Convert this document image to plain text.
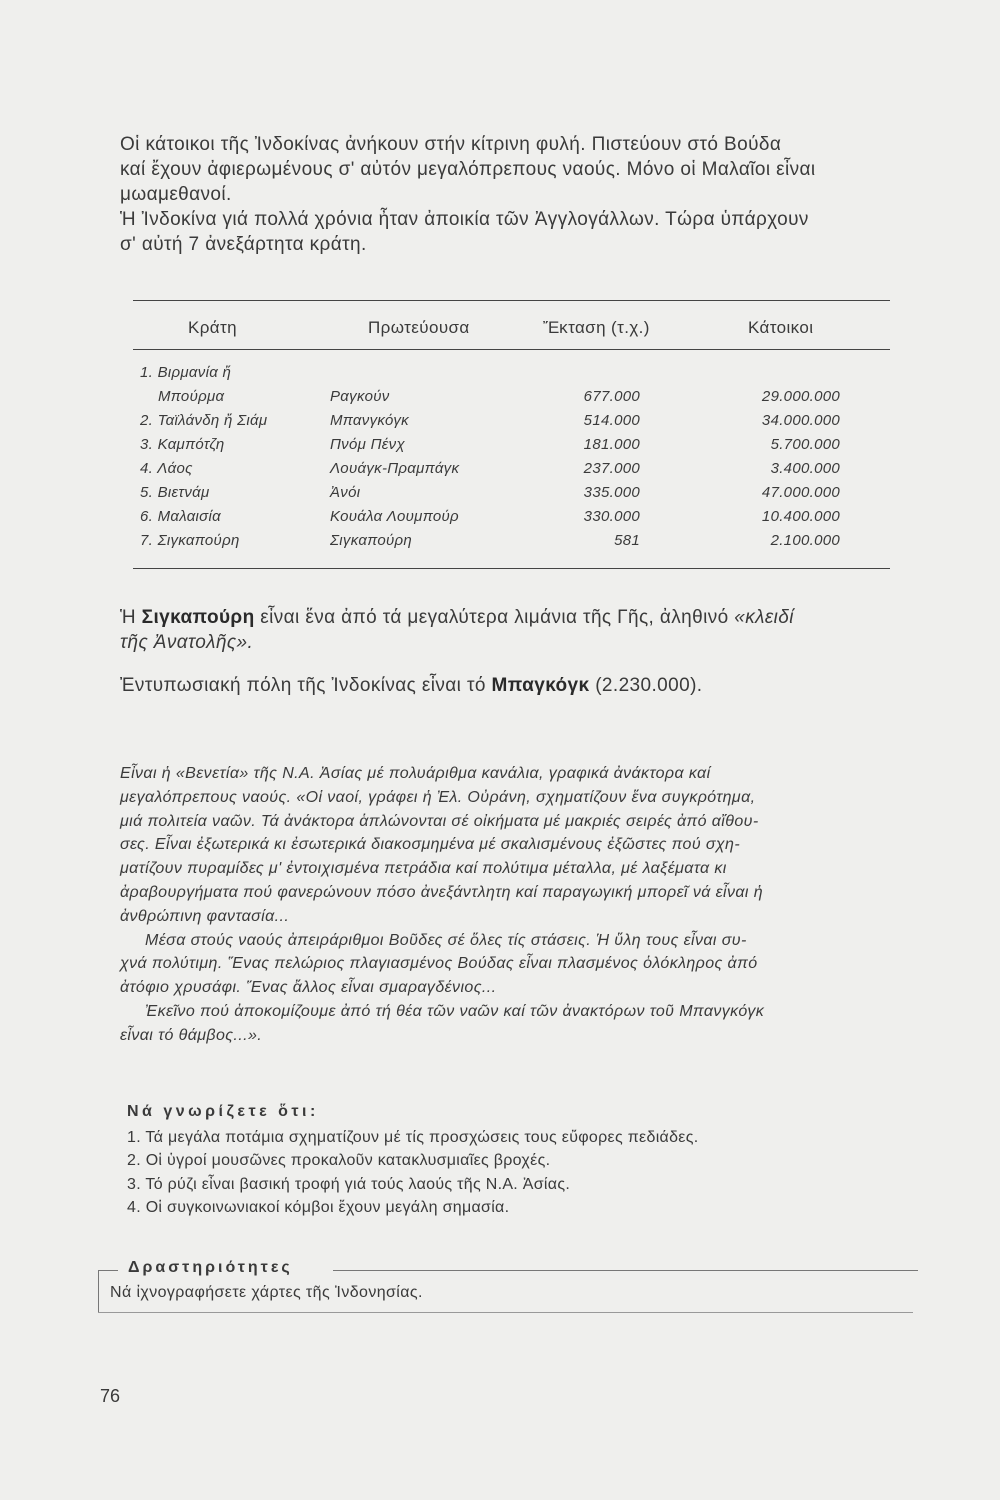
Οἱ κάτοικοι τῆς Ἰνδοκίνας ἀνήκουν στήν κίτρινη φυλή. Πιστεύουν στό Βούδα

καί ἔχουν ἀφιερωμένους σ' αὐτόν μεγαλόπρεπους ναούς. Μόνο οἱ Μαλαῖοι εἶναι

μωαμεθανοί.

Ἡ Ἰνδοκίνα γιά πολλά χρόνια ἦταν ἀποικία τῶν Ἀγγλογάλλων. Τώρα ὑπάρχουν

σ' αὐτή 7 ἀνεξάρτητα κράτη.

Κράτη	Πρωτεύουσα	Ἔκταση (τ.χ.)	Κάτοικοι
1. Βιρμανία ἤ
Μπούρμα	Ραγκούν	677.000	29.000.000
2. Ταϊλάνδη ἤ Σιάμ	Μπανγκόγκ	514.000	34.000.000
3. Καμπότζη	Πνόμ Πένχ	181.000	5.700.000
4. Λάος	Λουάγκ-Πραμπάγκ	237.000	3.400.000
5. Βιετνάμ	Ἀνόι	335.000	47.000.000
6. Μαλαισία	Κουάλα Λουμπούρ	330.000	10.400.000
7. Σιγκαπούρη	Σιγκαπούρη	581	2.100.000

Ἡ Σιγκαπούρη εἶναι ἕνα ἀπό τά μεγαλύτερα λιμάνια τῆς Γῆς, ἀληθινό «κλειδί

τῆς Ἀνατολῆς».

Ἐντυπωσιακή πόλη τῆς Ἰνδοκίνας εἶναι τό Μπαγκόγκ (2.230.000).

Εἶναι ἡ «Βενετία» τῆς Ν.Α. Ἀσίας μέ πολυάριθμα κανάλια, γραφικά ἀνάκτορα καί

μεγαλόπρεπους ναούς. «Οἱ ναοί, γράφει ἡ Ἐλ. Οὐράνη, σχηματίζουν ἕνα συγκρότημα,

μιά πολιτεία ναῶν. Τά ἀνάκτορα ἁπλώνονται σέ οἰκήματα μέ μακριές σειρές ἀπό αἴθου-

σες. Εἶναι ἐξωτερικά κι ἐσωτερικά διακοσμημένα μέ σκαλισμένους ἐξῶστες πού σχη-

ματίζουν πυραμίδες μ' ἐντοιχισμένα πετράδια καί πολύτιμα μέταλλα, μέ λαξέματα κι

ἀραβουργήματα πού φανερώνουν πόσο ἀνεξάντλητη καί παραγωγική μπορεῖ νά εἶναι ἡ

ἀνθρώπινη φαντασία...

Μέσα στούς ναούς ἀπειράριθμοι Βοῦδες σέ ὅλες τίς στάσεις. Ἡ ὕλη τους εἶναι συ-

χνά πολύτιμη. Ἕνας πελώριος πλαγιασμένος Βούδας εἶναι πλασμένος ὁλόκληρος ἀπό

ἀτόφιο χρυσάφι. Ἕνας ἄλλος εἶναι σμαραγδένιος...

Ἐκεῖνο πού ἀποκομίζουμε ἀπό τή θέα τῶν ναῶν καί τῶν ἀνακτόρων τοῦ Μπανγκόγκ

εἶναι τό θάμβος...».

Νά γνωρίζετε ὅτι:
1. Τά μεγάλα ποτάμια σχηματίζουν μέ τίς προσχώσεις τους εὔφορες πεδιάδες.
2. Οἱ ὑγροί μουσῶνες προκαλοῦν κατακλυσμιαῖες βροχές.
3. Τό ρύζι εἶναι βασική τροφή γιά τούς λαούς τῆς Ν.Α. Ἀσίας.
4. Οἱ συγκοινωνιακοί κόμβοι ἔχουν μεγάλη σημασία.
Δραστηριότητες
Νά ἰχνογραφήσετε χάρτες τῆς Ἰνδονησίας.
76
